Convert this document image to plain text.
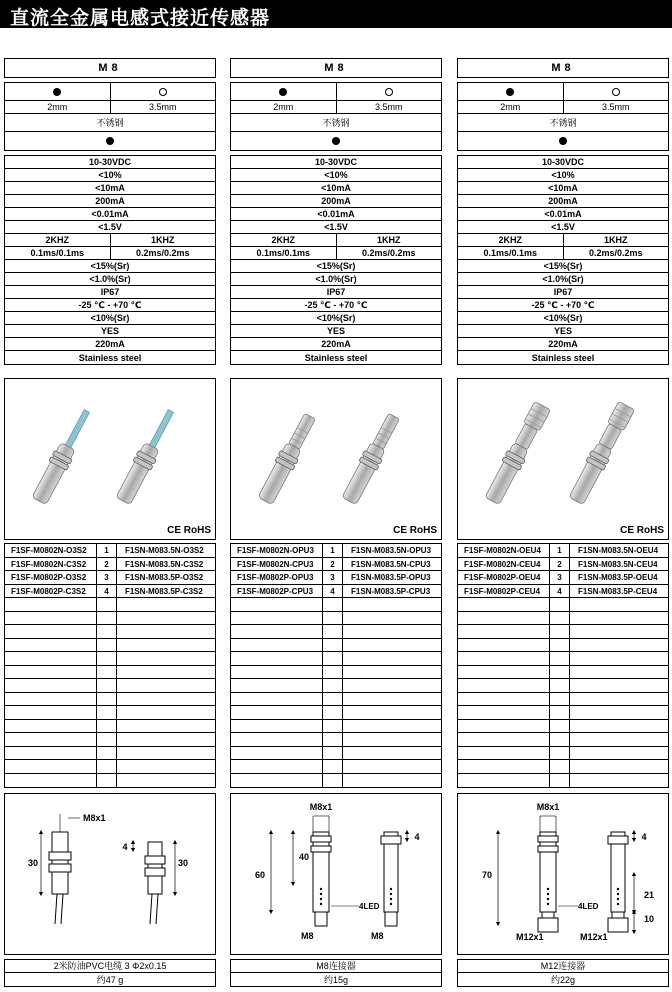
直流全金属电感式接近传感器
M8
2mm	3.5mm
不锈钢
10-30VDC
<10%
<10mA
200mA
<0.01mA
<1.5V
2KHZ	1KHZ
0.1ms/0.1ms	0.2ms/0.2ms
<15%(Sr)
<1.0%(Sr)
IP67
-25 ℃ - +70 ℃
<10%(Sr)
YES
220mA
Stainless steel
CE RoHS
F1SF-M0802N-O3S2	1	F1SN-M083.5N-O3S2
F1SF-M0802N-C3S2	2	F1SN-M083.5N-C3S2
F1SF-M0802P-O3S2	3	F1SN-M083.5P-O3S2
F1SF-M0802P-C3S2	4	F1SN-M083.5P-C3S2
M8x1
30
4
30
2米防油PVC电缆 3 Φ2x0.15
约47 g
M8
2mm	3.5mm
不锈钢
10-30VDC
<10%
<10mA
200mA
<0.01mA
<1.5V
2KHZ	1KHZ
0.1ms/0.1ms	0.2ms/0.2ms
<15%(Sr)
<1.0%(Sr)
IP67
-25 ℃ - +70 ℃
<10%(Sr)
YES
220mA
Stainless steel
CE RoHS
F1SF-M0802N-OPU3	1	F1SN-M083.5N-OPU3
F1SF-M0802N-CPU3	2	F1SN-M083.5N-CPU3
F1SF-M0802P-OPU3	3	F1SN-M083.5P-OPU3
F1SF-M0802P-CPU3	4	F1SN-M083.5P-CPU3
M8x1
4
40
60
4LED
M8	M8
M8连接器
约15g
M8
2mm	3.5mm
不锈钢
10-30VDC
<10%
<10mA
200mA
<0.01mA
<1.5V
2KHZ	1KHZ
0.1ms/0.1ms	0.2ms/0.2ms
<15%(Sr)
<1.0%(Sr)
IP67
-25 ℃ - +70 ℃
<10%(Sr)
YES
220mA
Stainless steel
CE RoHS
F1SF-M0802N-OEU4	1	F1SN-M083.5N-OEU4
F1SF-M0802N-CEU4	2	F1SN-M083.5N-CEU4
F1SF-M0802P-OEU4	3	F1SN-M083.5P-OEU4
F1SF-M0802P-CEU4	4	F1SN-M083.5P-CEU4
M8x1
4
70
21
4LED
10
M12x1	M12x1
M12连接器
约22g
